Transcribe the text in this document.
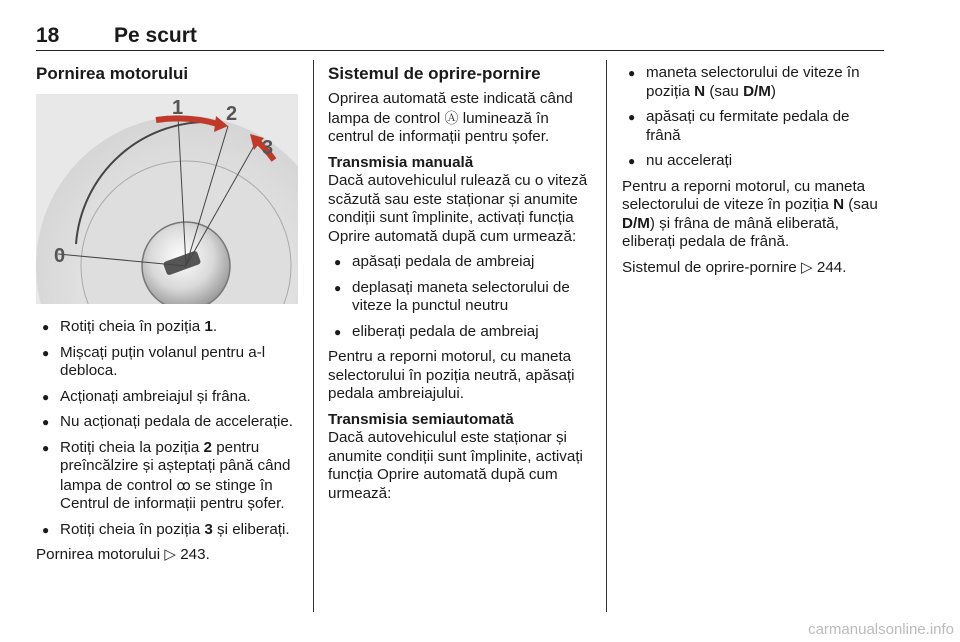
18	Pe scurt
Pornirea motorului
0
1 2
3
● Rotiți cheia în poziția 1.
● Mișcați puțin volanul pentru a-l debloca.
● Acționați ambreiajul și frâna.
● Nu acționați pedala de accelerație.
● Rotiți cheia la poziția 2 pentru preîncălzire și așteptați până când lampa de control ꝏ se stinge în Centrul de informații pentru șofer.
● Rotiți cheia în poziția 3 și eliberați.

Pornirea motorului ▷ 243.

Sistemul de oprire-pornire

Oprirea automată este indicată când lampa de control Ⓐ luminează în centrul de informații pentru șofer.

Transmisia manuală

Dacă autovehiculul rulează cu o viteză scăzută sau este staționar și anumite condiții sunt împlinite, activați funcția Oprire automată după cum urmează:

● apăsați pedala de ambreiaj
● deplasați maneta selectorului de viteze la punctul neutru
● eliberați pedala de ambreiaj

Pentru a reporni motorul, cu maneta selectorului în poziția neutră, apăsați pedala ambreiajului.

Transmisia semiautomată

Dacă autovehiculul este staționar și anumite condiții sunt împlinite, activați funcția Oprire automată după cum urmează:

● maneta selectorului de viteze în poziția N (sau D/M)
● apăsați cu fermitate pedala de frână
● nu accelerați

Pentru a reporni motorul, cu maneta selectorului de viteze în poziția N (sau D/M) și frâna de mână eliberată, eliberați pedala de frână.

Sistemul de oprire-pornire ▷ 244.

carmanualsonline.info
